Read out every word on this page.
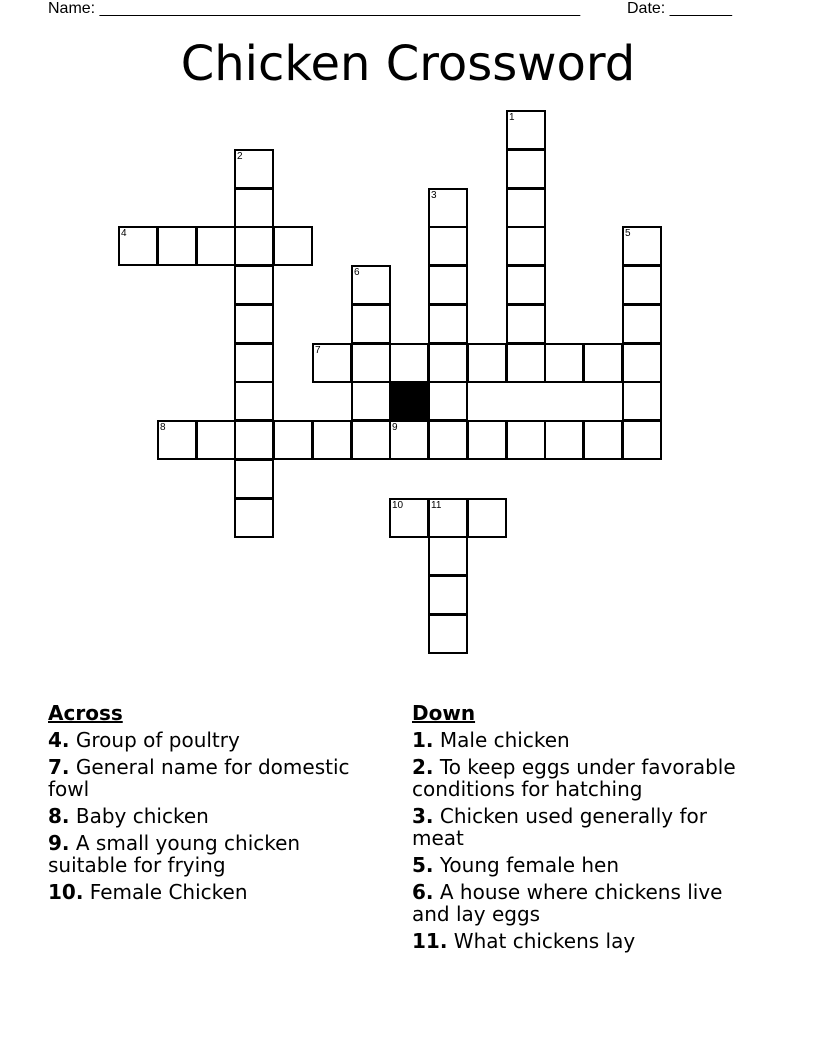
Name: ______________________________________________________	Date: _______
Chicken Crossword
1
2
3
4	5
6
7
8	9
10	11
Across
4. Group of poultry
7. General name for domestic fowl
8. Baby chicken
9. A small young chicken suitable for frying
10. Female Chicken
Down
1. Male chicken
2. To keep eggs under favorable conditions for hatching
3. Chicken used generally for meat
5. Young female hen
6. A house where chickens live and lay eggs
11. What chickens lay
